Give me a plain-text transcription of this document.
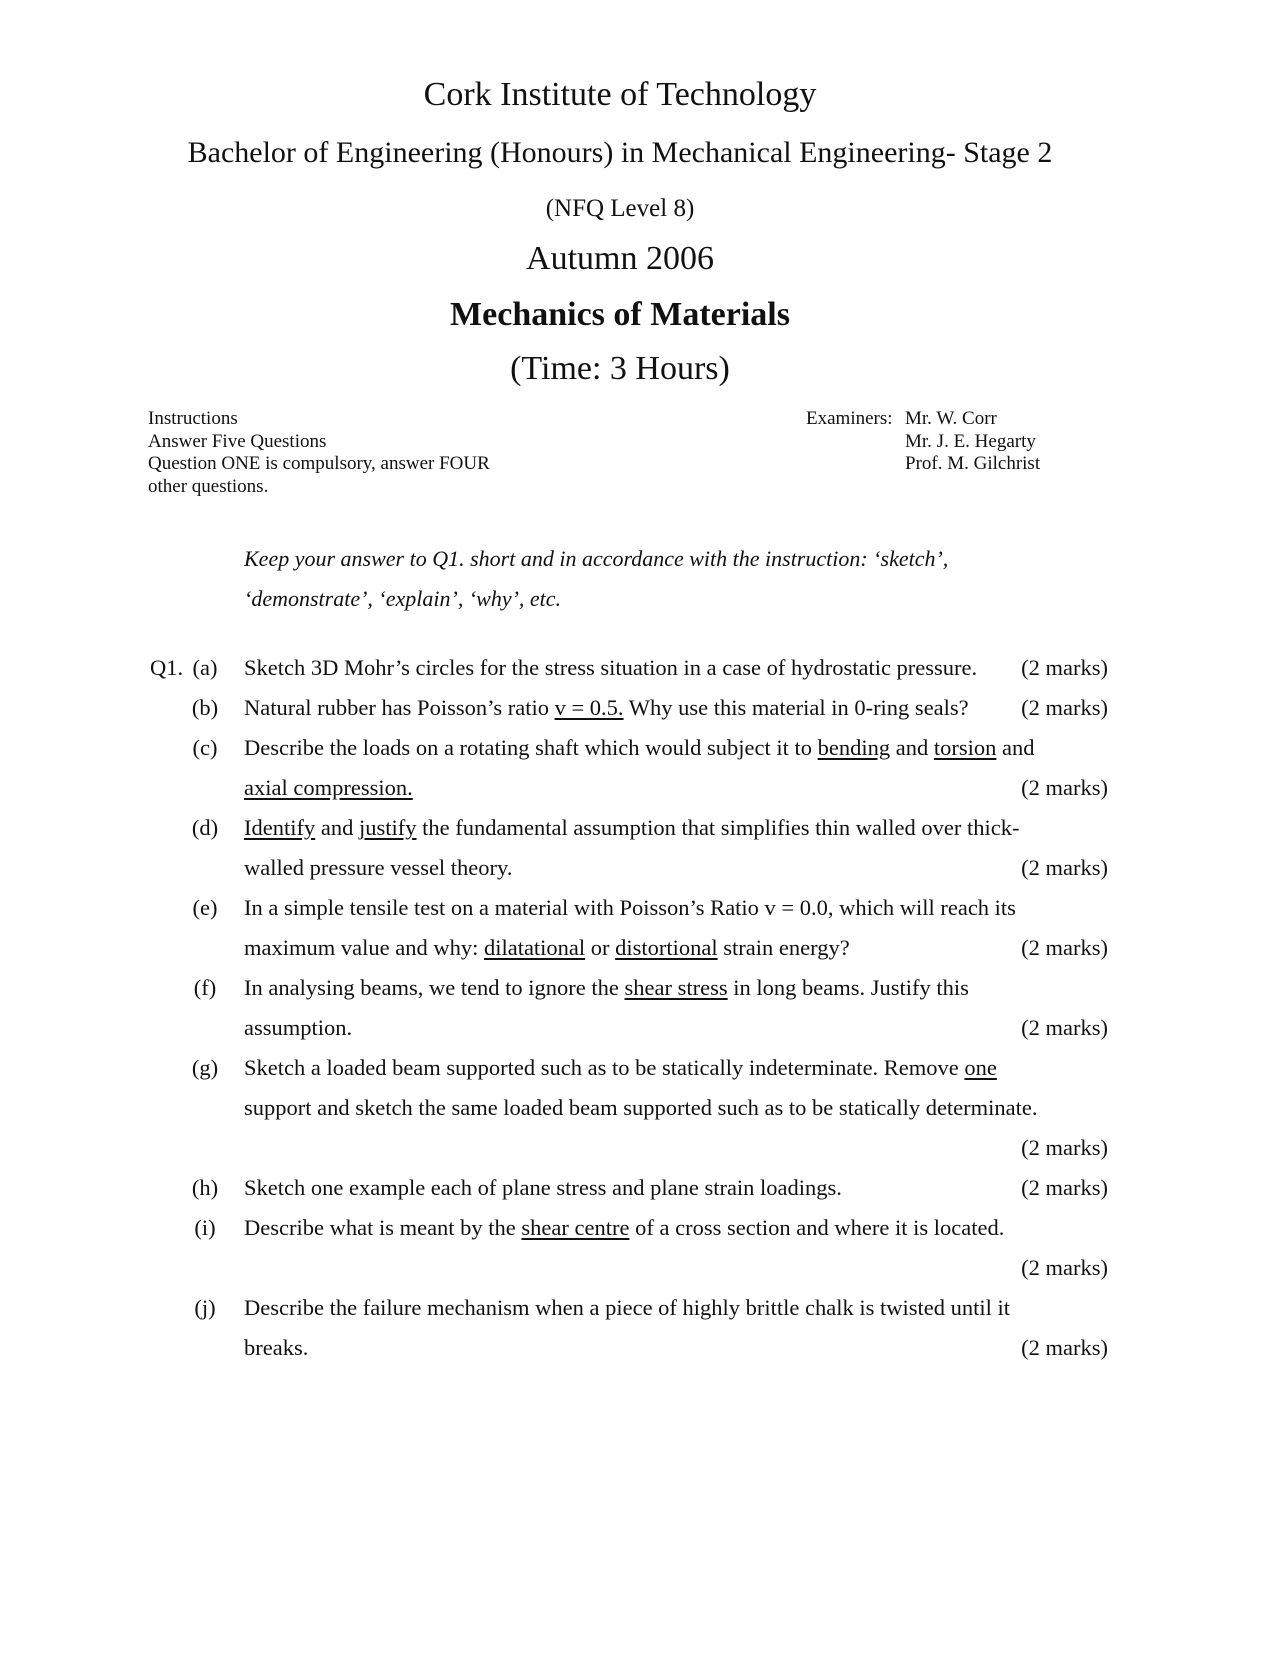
Cork Institute of Technology
Bachelor of Engineering (Honours) in Mechanical Engineering- Stage 2
(NFQ Level 8)
Autumn 2006
Mechanics of Materials
(Time: 3 Hours)
Instructions
Answer Five Questions
Question ONE is compulsory, answer FOUR
other questions.
Examiners: Mr. W. Corr
Mr. J. E. Hegarty
Prof. M. Gilchrist
Keep your answer to Q1. short and in accordance with the instruction: ‘sketch’,
‘demonstrate’, ‘explain’, ‘why’, etc.
Q1. (a)	Sketch 3D Mohr’s circles for the stress situation in a case of hydrostatic pressure. (2 marks)
(b)	Natural rubber has Poisson’s ratio v = 0.5. Why use this material in 0-ring seals? (2 marks)
(c)	Describe the loads on a rotating shaft which would subject it to bending and torsion and
axial compression.	(2 marks)
(d)	Identify and justify the fundamental assumption that simplifies thin walled over thick-
walled pressure vessel theory.	(2 marks)
(e)	In a simple tensile test on a material with Poisson’s Ratio v = 0.0, which will reach its
maximum value and why: dilatational or distortional strain energy?	(2 marks)
(f)	In analysing beams, we tend to ignore the shear stress in long beams. Justify this
assumption.	(2 marks)
(g)	Sketch a loaded beam supported such as to be statically indeterminate. Remove one
support and sketch the same loaded beam supported such as to be statically determinate.
(2 marks)
(h)	Sketch one example each of plane stress and plane strain loadings.	(2 marks)
(i)	Describe what is meant by the shear centre of a cross section and where it is located.
(2 marks)
(j)	Describe the failure mechanism when a piece of highly brittle chalk is twisted until it
breaks.	(2 marks)
